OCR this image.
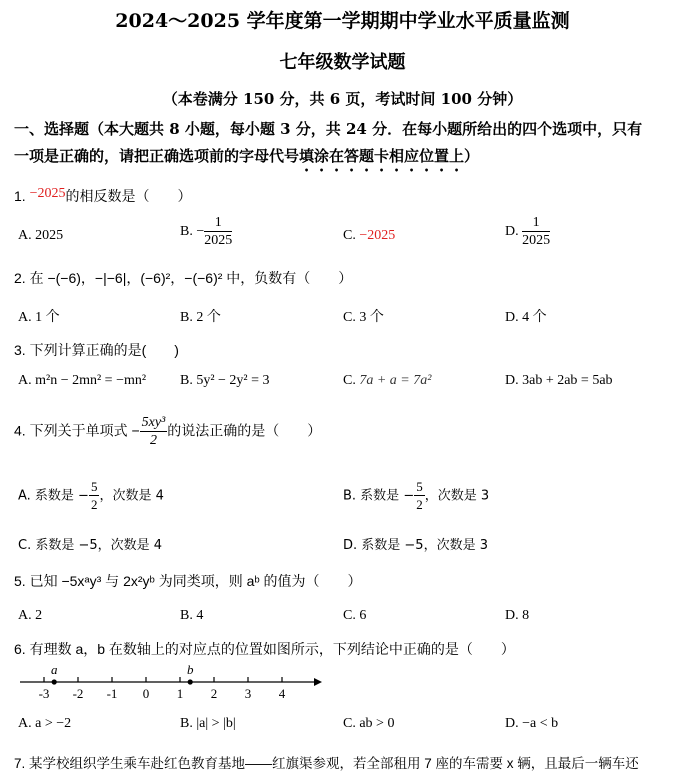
2024～2025 学年度第一学期期中学业水平质量监测
七年级数学试题
（本卷满分 150 分，共 6 页，考试时间 100 分钟）
一、选择题（本大题共 8 小题，每小题 3 分，共 24 分．在每小题所给出的四个选项中，只有
一项是正确的，请把正确选项前的字母代号填涂在答题卡相应位置上）
1. −2025的相反数是（　　）
A. 2025	B. − $\frac{1}{2025}$	C. −2025	D. $\frac{1}{2025}$
2. 在 −(−6)，−|−6|，(−6)²，−(−6)² 中，负数有（　　）
A. 1 个	B. 2 个	C. 3 个	D. 4 个
3. 下列计算正确的是(　　)
A. m²n − 2mn² = −mn² B. 5y² − 2y² = 3	C. 7a + a = 7a²	D. 3ab + 2ab = 5ab
4. 下列关于单项式 − $\frac{\text{5xy³}}{2}$ 的说法正确的是（　　）
A. 系数是 − $\frac{5}{2}$ ，次数是 4	B. 系数是 − $\frac{5}{2}$ ，次数是 3
C. 系数是 −5，次数是 4	D. 系数是 −5，次数是 3
5. 已知 −5xᵃy³ 与 2x²yᵇ 为同类项，则 aᵇ 的值为（　　）
A. 2	B. 4	C. 6	D. 8
6. 有理数 a，b 在数轴上的对应点的位置如图所示，下列结论中正确的是（　　）
-3 -2 -1 0 1 2 3 4
a	b
A. a > −2	B. |a| > |b|	C. ab > 0	D. −a < b
7. 某学校组织学生乘车赴红色教育基地——红旗渠参观，若全部租用 7 座的车需要 x 辆，且最后一辆车还
